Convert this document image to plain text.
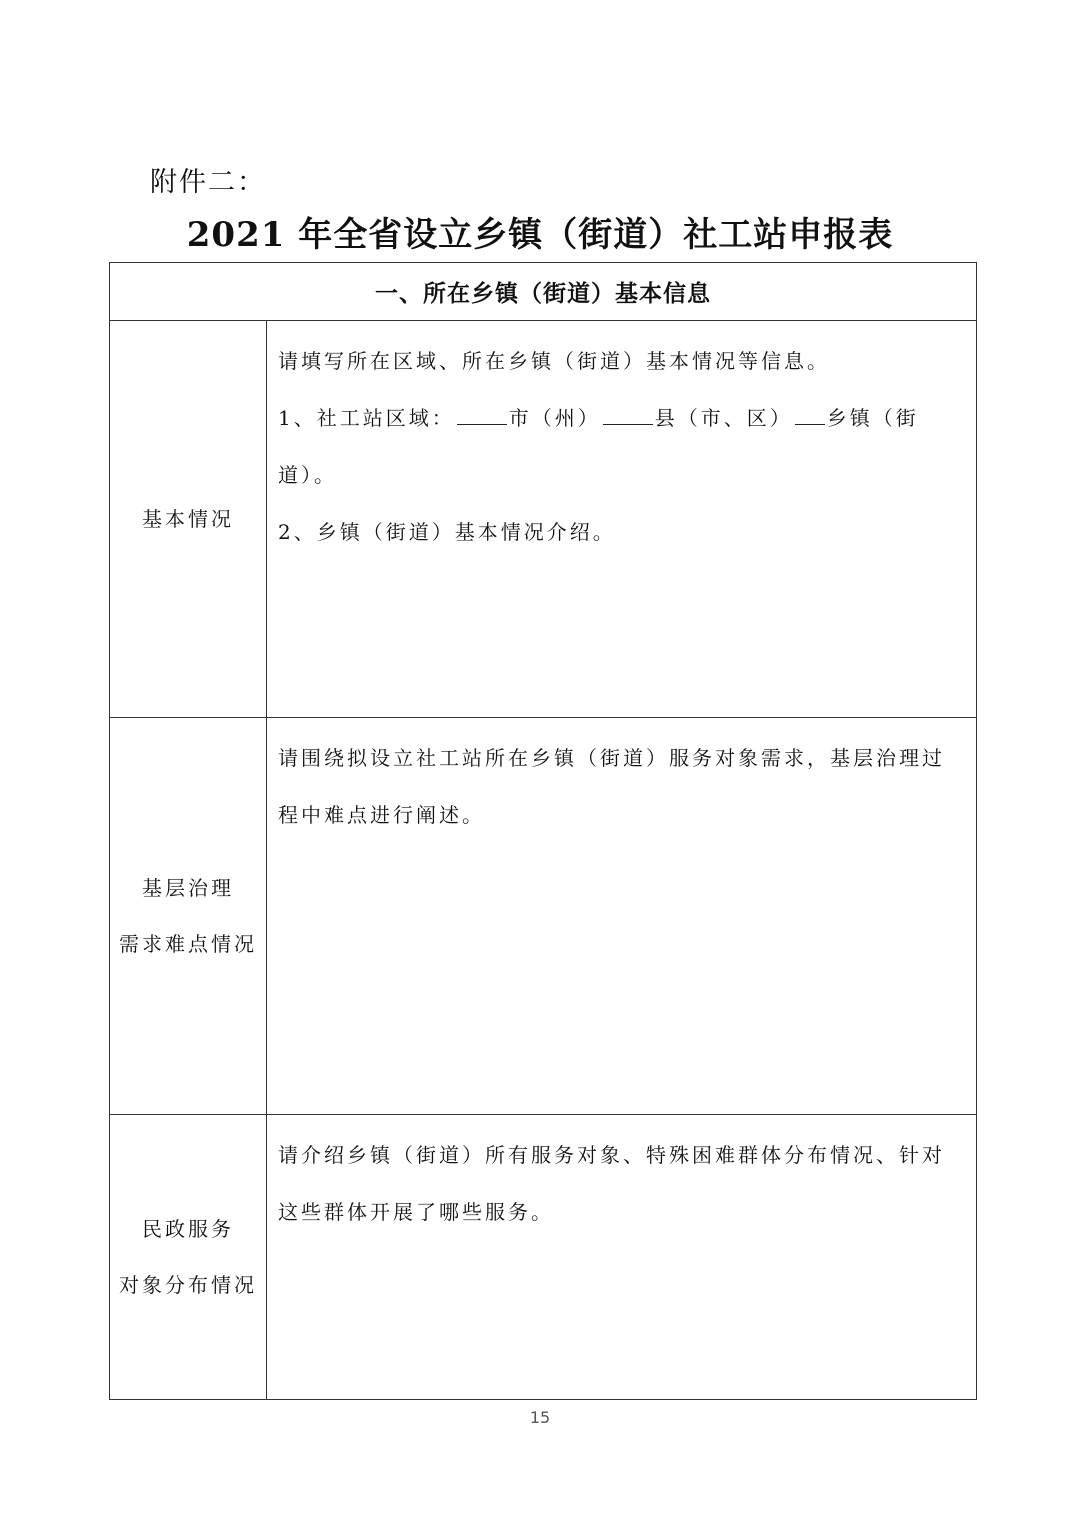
附件二：
2021 年全省设立乡镇（街道）社工站申报表
一、所在乡镇（街道）基本信息	
基本情况	请填写所在区域、所在乡镇（街道）基本情况等信息。

1、社工站区域： 市（州） 县（市、区） 乡镇（街道）。

2、乡镇（街道）基本情况介绍。

基层治理
需求难点情况	请围绕拟设立社工站所在乡镇（街道）服务对象需求，基层治理过程中难点进行阐述。

民政服务
对象分布情况	请介绍乡镇（街道）所有服务对象、特殊困难群体分布情况、针对这些群体开展了哪些服务。

15
